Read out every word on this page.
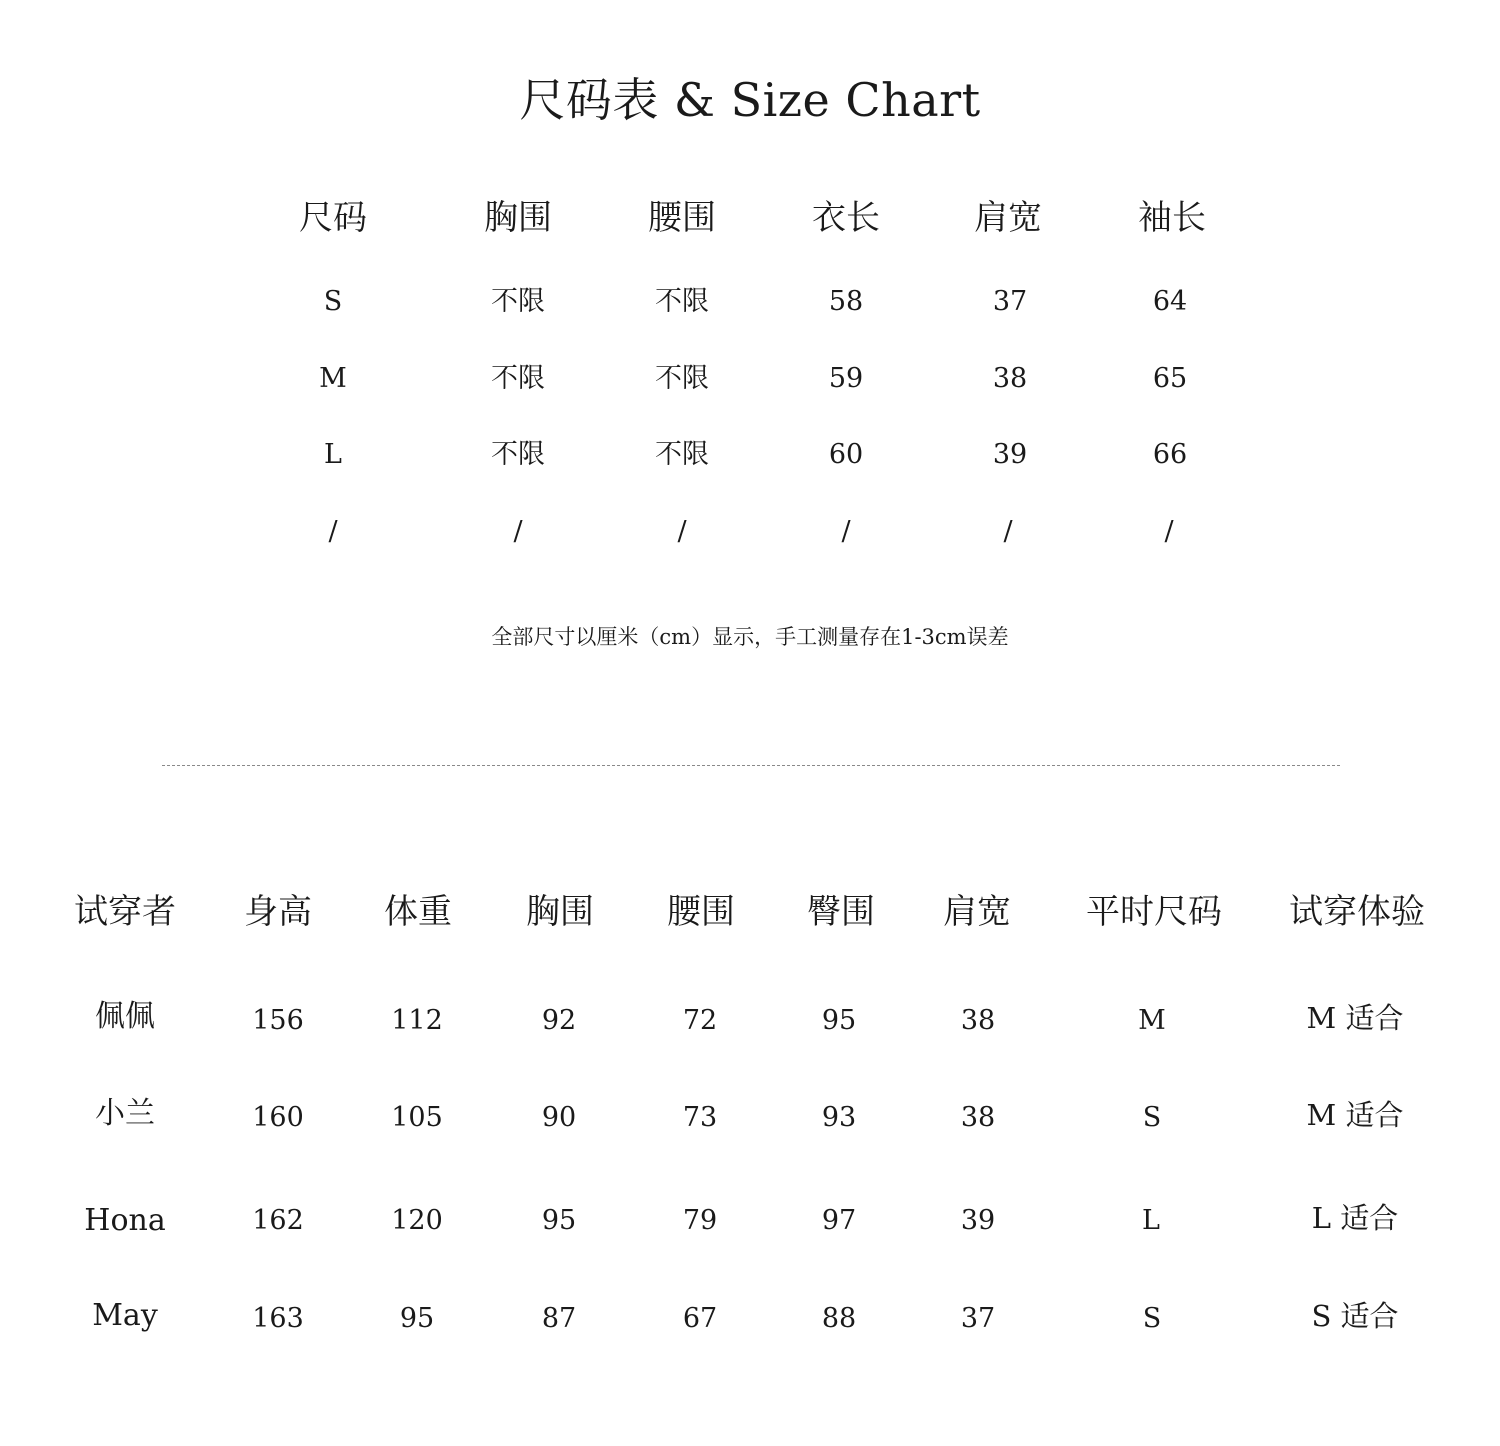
尺码表 & Size Chart
尺码	胸围	腰围	衣长	肩宽	袖长
S	不限	不限	58	37	64
M	不限	不限	59	38	65
L	不限	不限	60	39	66
/	/	/	/	/	/
全部尺寸以厘米（cm）显示，手工测量存在1-3cm误差
试穿者	身高	体重	胸围	腰围	臀围	肩宽	平时尺码	试穿体验
佩佩	156	112	92	72	95	38	M	M 适合
小兰	160	105	90	73	93	38	S	M 适合
Hona	162	120	95	79	97	39	L	L 适合
May	163	95	87	67	88	37	S	S 适合
